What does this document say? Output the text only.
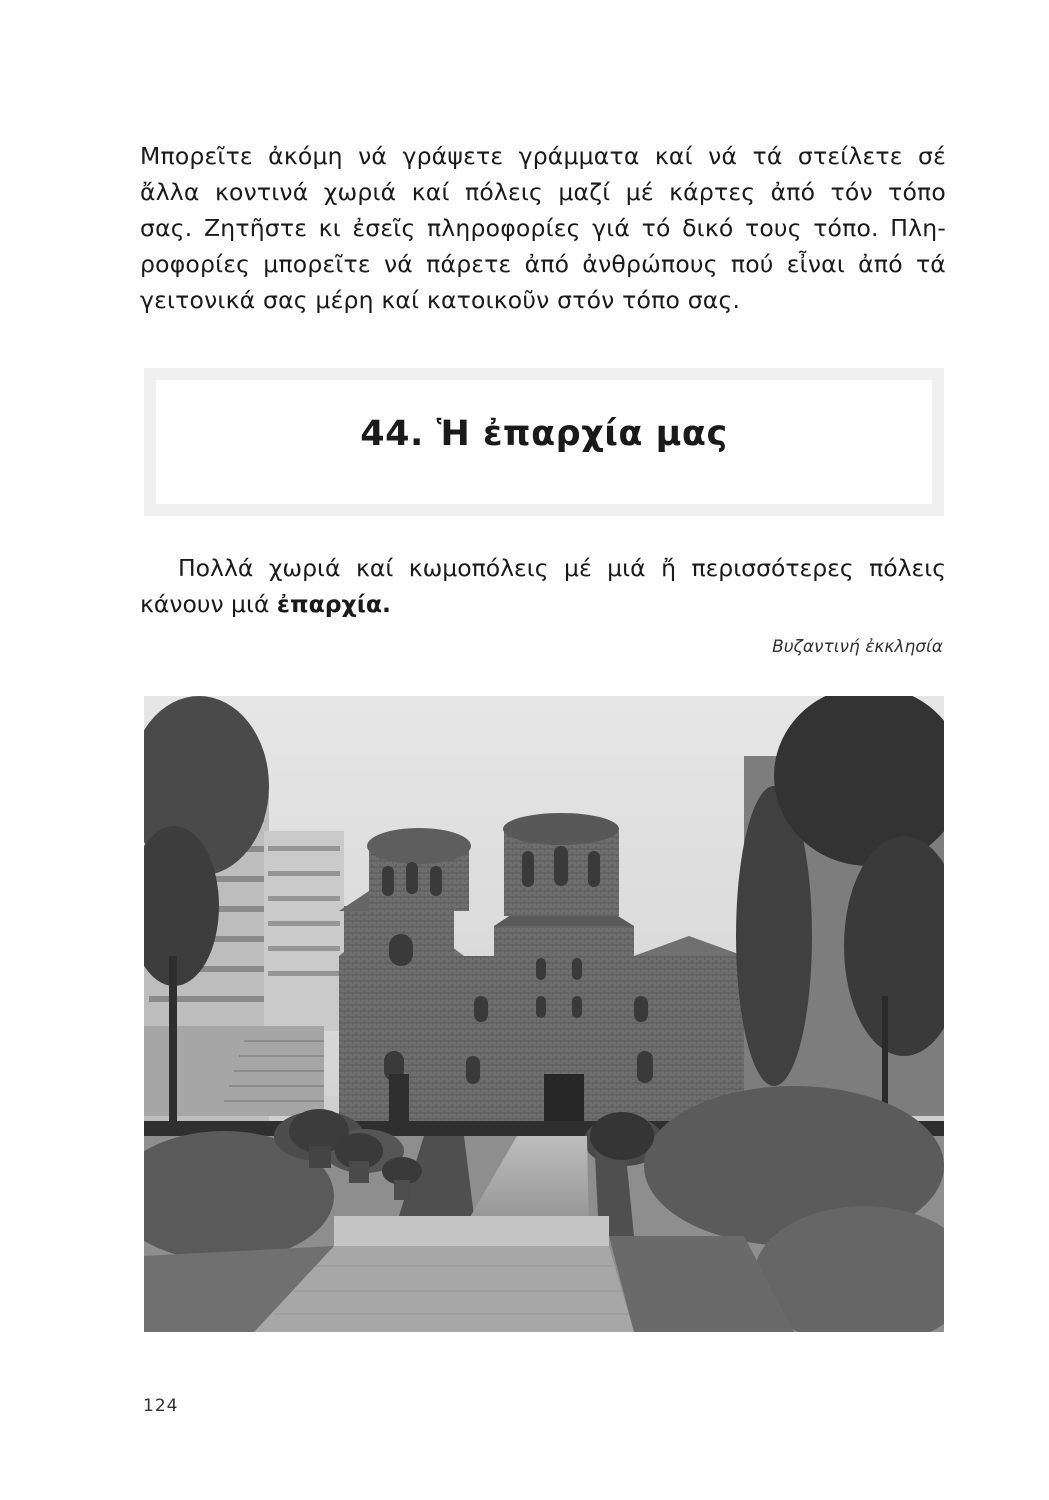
Μπορεῖτε ἀκόμη νά γράψετε γράμματα καί νά τά στείλετε σέ
ἄλλα κοντινά χωριά καί πόλεις μαζί μέ κάρτες ἀπό τόν τόπο
σας. Ζητῆστε κι ἐσεῖς πληροφορίες γιά τό δικό τους τόπο. Πλη-
ροφορίες μπορεῖτε νά πάρετε ἀπό ἀνθρώπους πού εἶναι ἀπό τά
γειτονικά σας μέρη καί κατοικοῦν στόν τόπο σας.

44. Ἡ ἐπαρχία μας

Πολλά χωριά καί κωμοπόλεις μέ μιά ἤ περισσότερες πόλεις
κάνουν μιά ἐπαρχία.

Βυζαντινή ἐκκλησία

124
